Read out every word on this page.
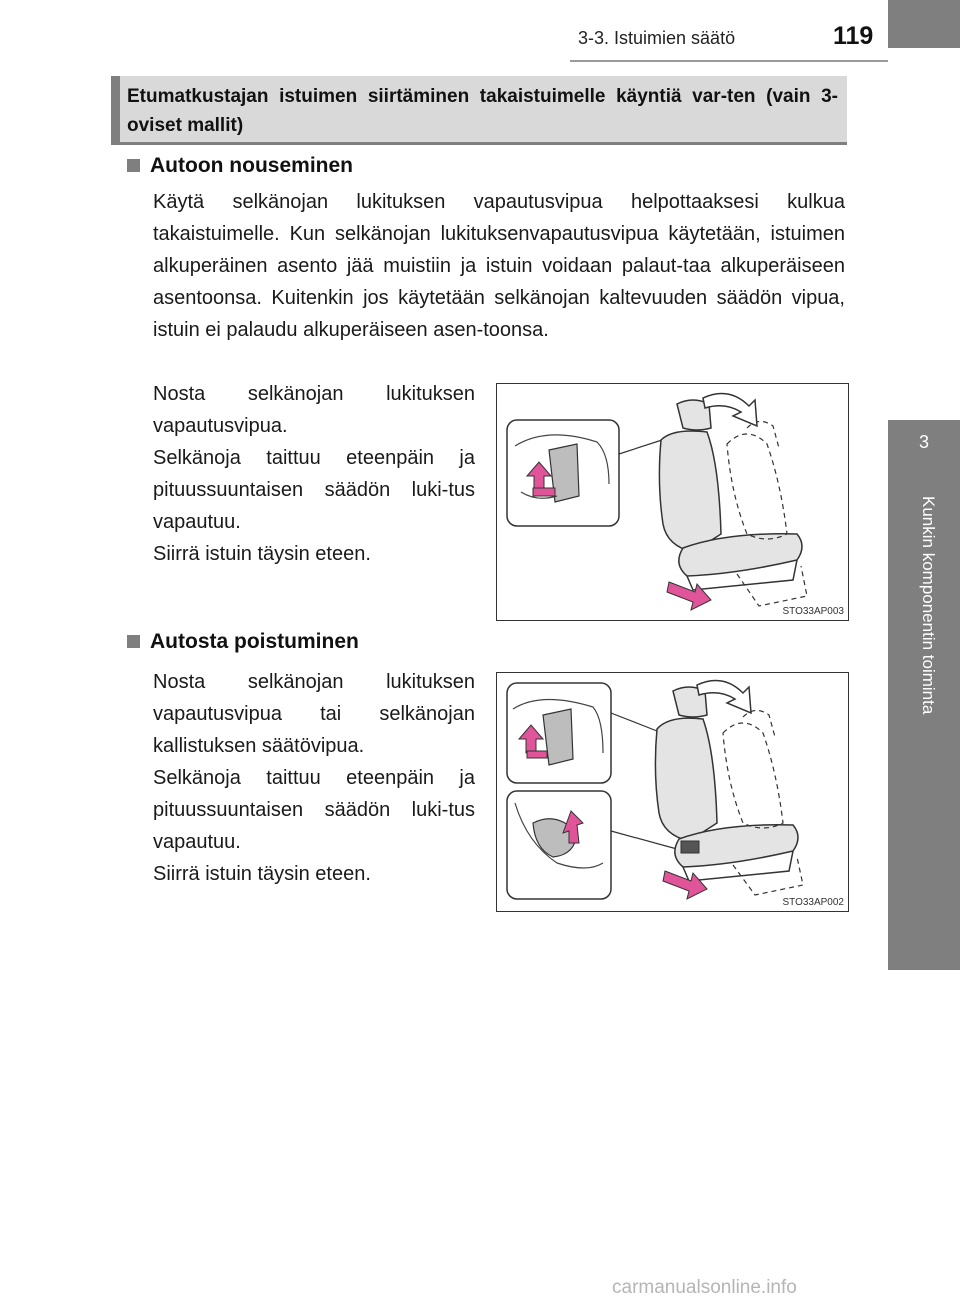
3-3. Istuimien säätö	119
3
Kunkin komponentin toiminta
Etumatkustajan istuimen siirtäminen takaistuimelle käyntiä var-ten (vain 3-oviset mallit)
Autoon nouseminen
Käytä selkänojan lukituksen vapautusvipua helpottaaksesi kulkua takaistuimelle. Kun selkänojan lukituksenvapautusvipua käytetään, istuimen alkuperäinen asento jää muistiin ja istuin voidaan palaut-taa alkuperäiseen asentoonsa. Kuitenkin jos käytetään selkänojan kaltevuuden säädön vipua, istuin ei palaudu alkuperäiseen asen-toonsa.
Nosta selkänojan lukituksen vapautusvipua.
Selkänoja taittuu eteenpäin ja pituussuuntaisen säädön luki-tus vapautuu.
Siirrä istuin täysin eteen.
STO33AP003
Autosta poistuminen
Nosta selkänojan lukituksen vapautusvipua tai selkänojan kallistuksen säätövipua.
Selkänoja taittuu eteenpäin ja pituussuuntaisen säädön luki-tus vapautuu.
Siirrä istuin täysin eteen.
STO33AP002
carmanualsonline.info
